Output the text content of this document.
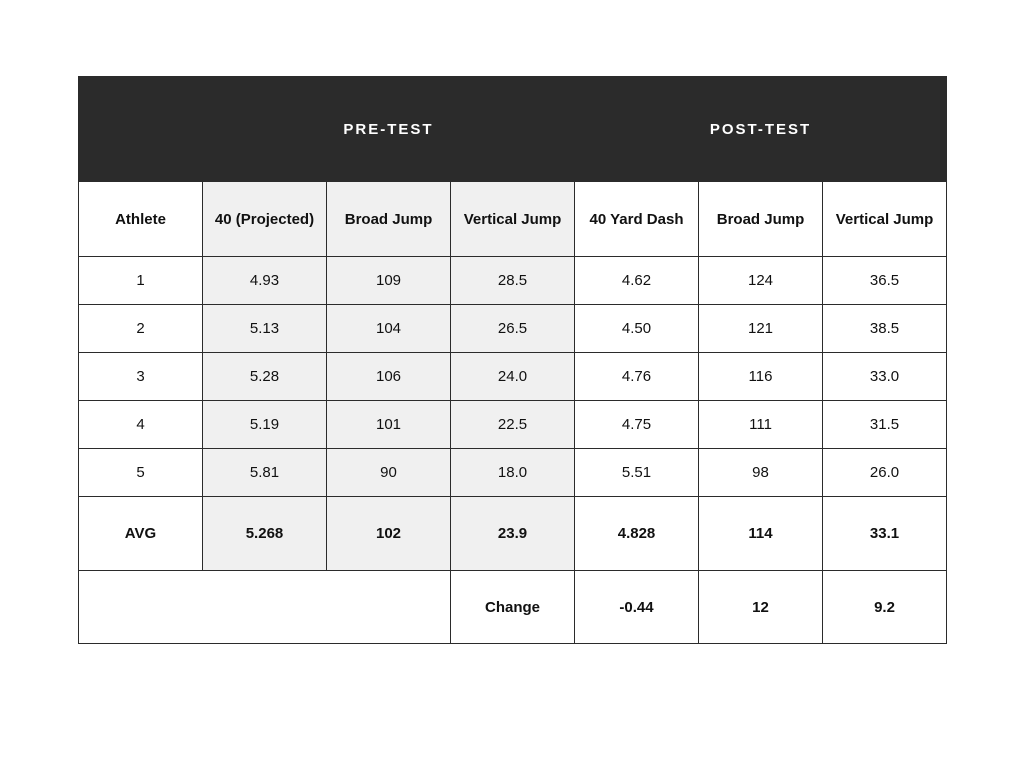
	PRE-TEST			POST-TEST		
Athlete	40 (Projected)	Broad Jump	Vertical Jump	40 Yard Dash	Broad Jump	Vertical Jump
1	4.93	109	28.5	4.62	124	36.5
2	5.13	104	26.5	4.50	121	38.5
3	5.28	106	24.0	4.76	116	33.0
4	5.19	101	22.5	4.75	111	31.5
5	5.81	90	18.0	5.51	98	26.0
AVG	5.268	102	23.9	4.828	114	33.1
			Change	-0.44	12	9.2
